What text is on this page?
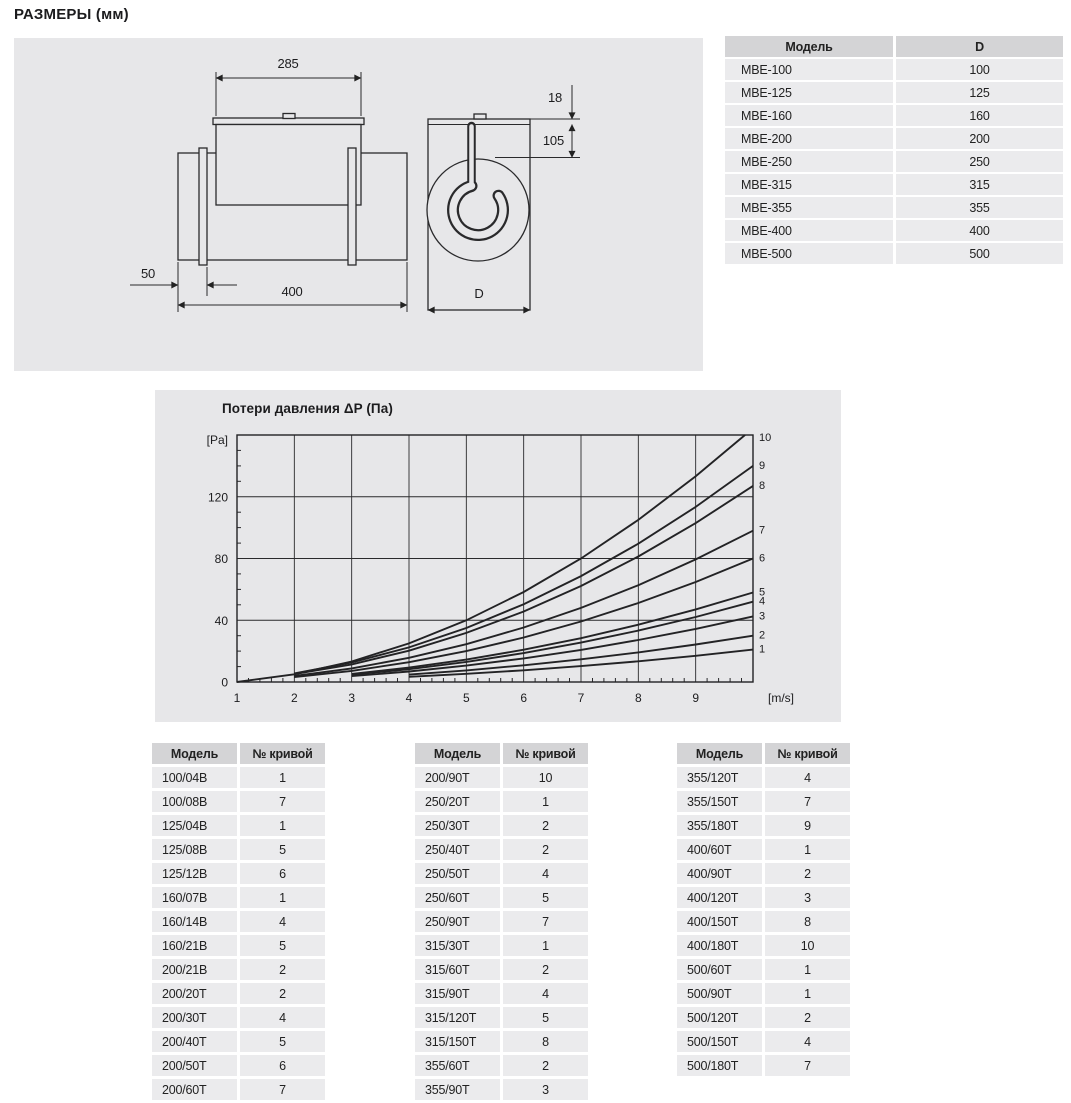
РАЗМЕРЫ (мм)
285
400
50
18
105
D
Модель	D
МВЕ-100	100
МВЕ-125	125
МВЕ-160	160
МВЕ-200	200
МВЕ-250	250
МВЕ-315	315
МВЕ-355	355
МВЕ-400	400
МВЕ-500	500
Потери давления ΔP (Па)
1
2
3
4
5
6
7
8
9
10
1	2	3	4	5	6	7	8	9
0
40
80
120
[m/s]
[Pa]
Модель	№ кривой
100/04В	1
100/08В	7
125/04В	1
125/08В	5
125/12В	6
160/07В	1
160/14В	4
160/21В	5
200/21В	2
200/20Т	2
200/30Т	4
200/40Т	5
200/50Т	6
200/60Т	7
Модель	№ кривой
200/90Т	10
250/20Т	1
250/30Т	2
250/40Т	2
250/50Т	4
250/60Т	5
250/90Т	7
315/30Т	1
315/60Т	2
315/90Т	4
315/120Т	5
315/150Т	8
355/60Т	2
355/90Т	3
Модель	№ кривой
355/120Т	4
355/150Т	7
355/180Т	9
400/60Т	1
400/90Т	2
400/120Т	3
400/150Т	8
400/180Т	10
500/60Т	1
500/90Т	1
500/120Т	2
500/150Т	4
500/180Т	7
